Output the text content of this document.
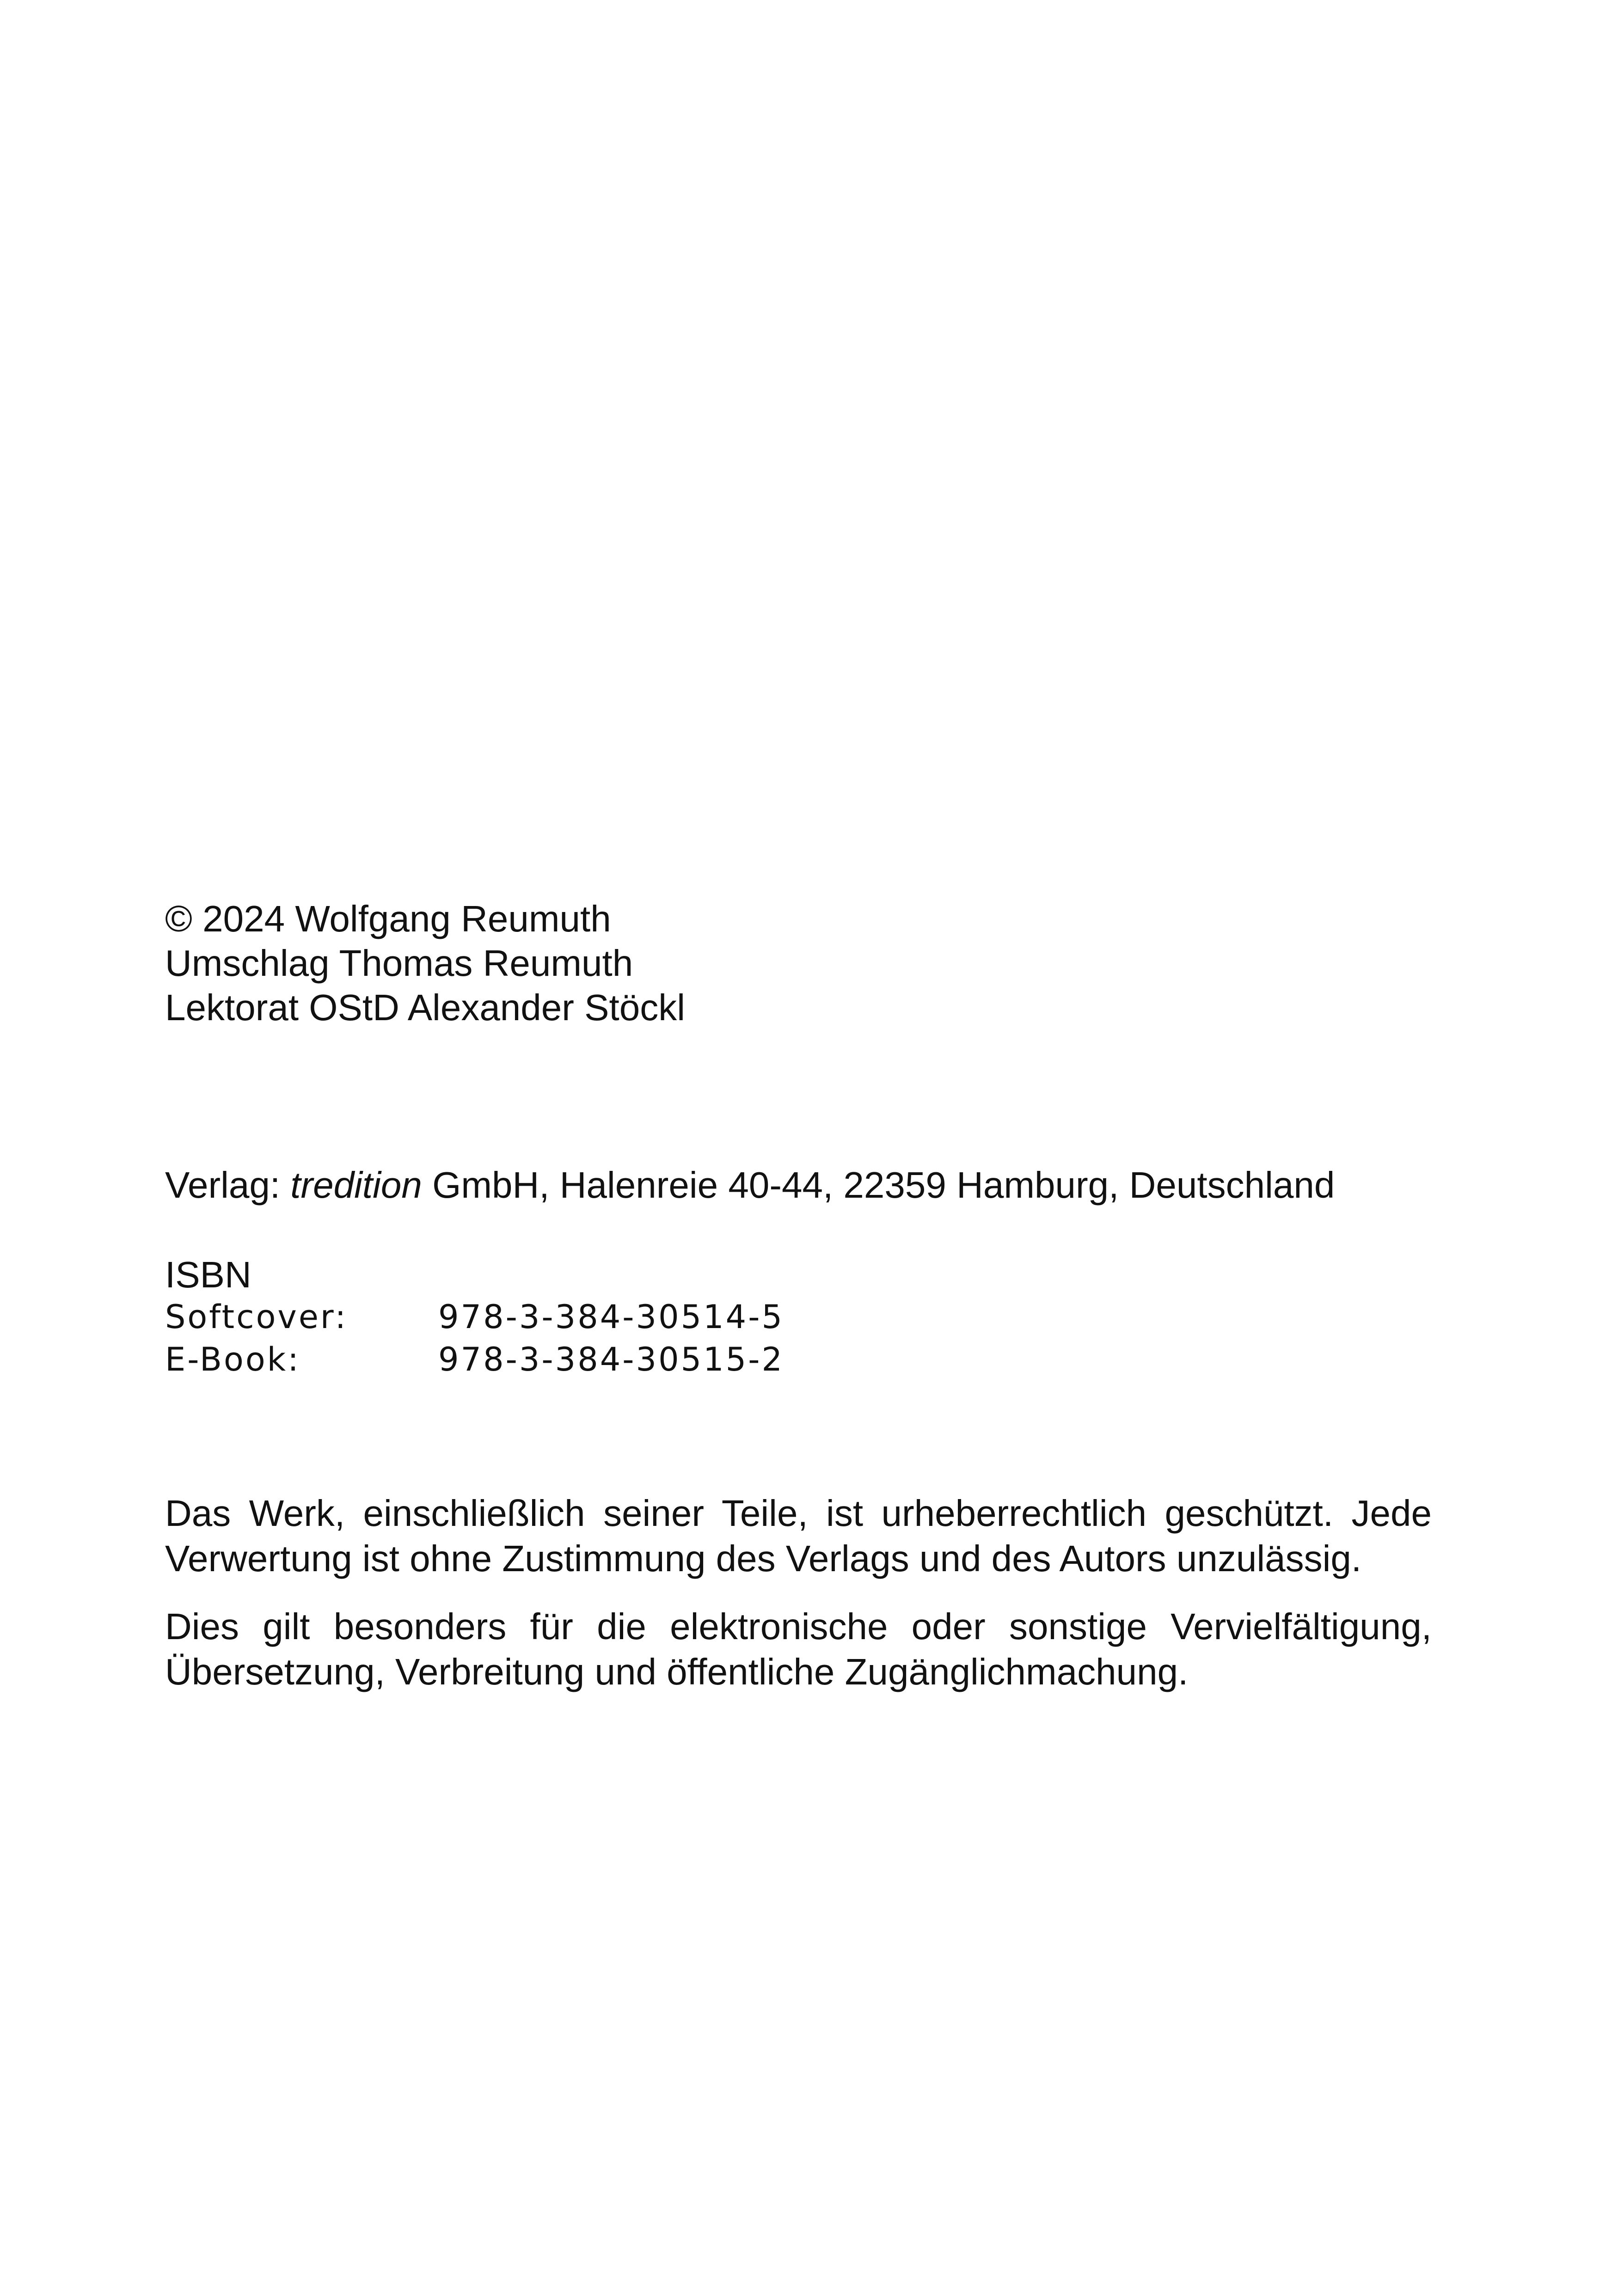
© 2024 Wolfgang Reumuth
Umschlag Thomas Reumuth
Lektorat OStD Alexander Stöckl
Verlag: tredition GmbH, Halenreie 40-44, 22359 Hamburg, Deutschland
ISBN
Softcover:	978-3-384-30514-5
E-Book:	978-3-384-30515-2
Das Werk, einschließlich seiner Teile, ist urheberrechtlich geschützt. Jede
Verwertung ist ohne Zustimmung des Verlags und des Autors unzulässig.
Dies gilt besonders für die elektronische oder sonstige Vervielfältigung,
Übersetzung, Verbreitung und öffentliche Zugänglichmachung.
